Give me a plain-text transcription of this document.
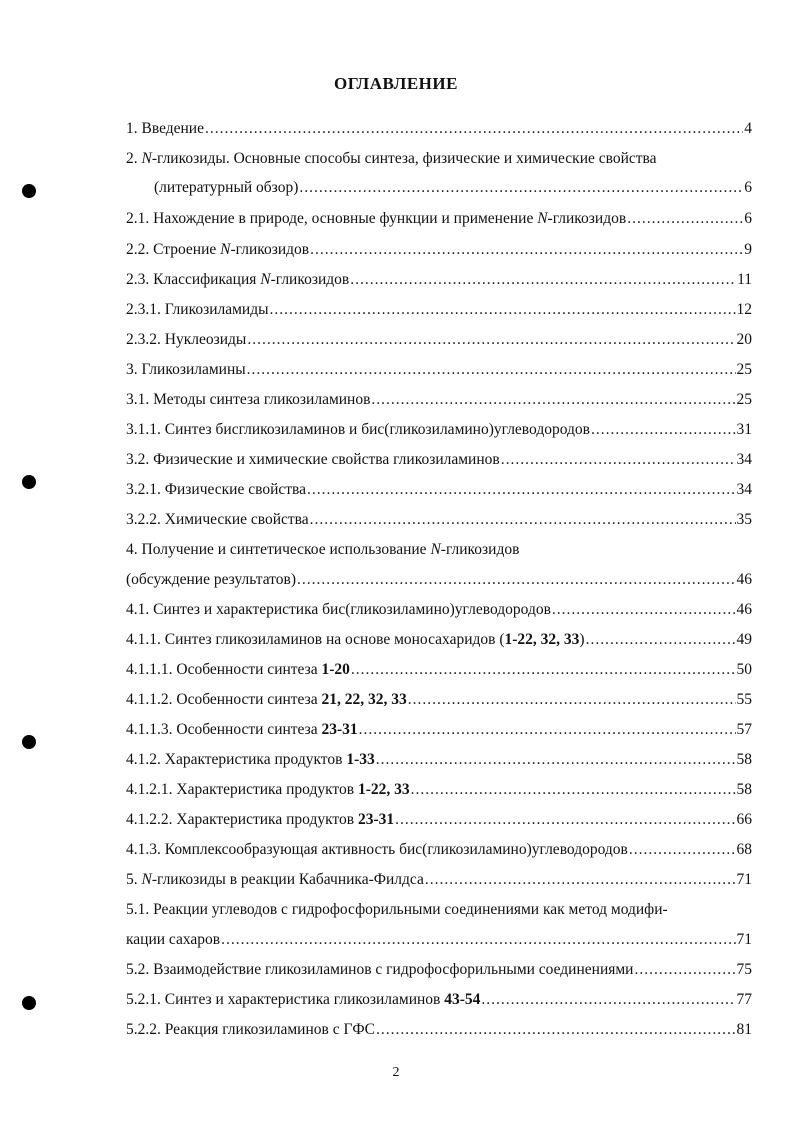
ОГЛАВЛЕНИЕ
1. Введение .....	4
2. N-гликозиды. Основные способы синтеза, физические и химические свойства
(литературный обзор) .....	6
2.1. Нахождение в природе, основные функции и применение N-гликозидов .....	6
2.2. Строение N-гликозидов .....	9
2.3. Классификация N-гликозидов .....	11
2.3.1. Гликозиламиды .....	12
2.3.2. Нуклеозиды .....	20
3. Гликозиламины .....	25
3.1. Методы синтеза гликозиламинов .....	25
3.1.1. Синтез бисгликозиламинов и бис(гликозиламино)углеводородов .....	31
3.2. Физические и химические свойства гликозиламинов .....	34
3.2.1. Физические свойства .....	34
3.2.2. Химические свойства .....	35
4. Получение и синтетическое использование N-гликозидов
(обсуждение результатов) .....	46
4.1. Синтез и характеристика бис(гликозиламино)углеводородов .....	46
4.1.1. Синтез гликозиламинов на основе моносахаридов (1-22, 32, 33) .....	49
4.1.1.1. Особенности синтеза 1-20 .....	50
4.1.1.2. Особенности синтеза 21, 22, 32, 33 .....	55
4.1.1.3. Особенности синтеза 23-31 .....	57
4.1.2. Характеристика продуктов 1-33 .....	58
4.1.2.1. Характеристика продуктов 1-22, 33 .....	58
4.1.2.2. Характеристика продуктов 23-31 .....	66
4.1.3. Комплексообразующая активность бис(гликозиламино)углеводородов .....	68
5. N-гликозиды в реакции Кабачника-Филдса .....	71
5.1. Реакции углеводов с гидрофосфорильными соединениями как метод модифи-
кации сахаров .....	71
5.2. Взаимодействие гликозиламинов с гидрофосфорильными соединениями .....	75
5.2.1. Синтез и характеристика гликозиламинов 43-54 .....	77
5.2.2. Реакция гликозиламинов с ГФС .....	81
2
